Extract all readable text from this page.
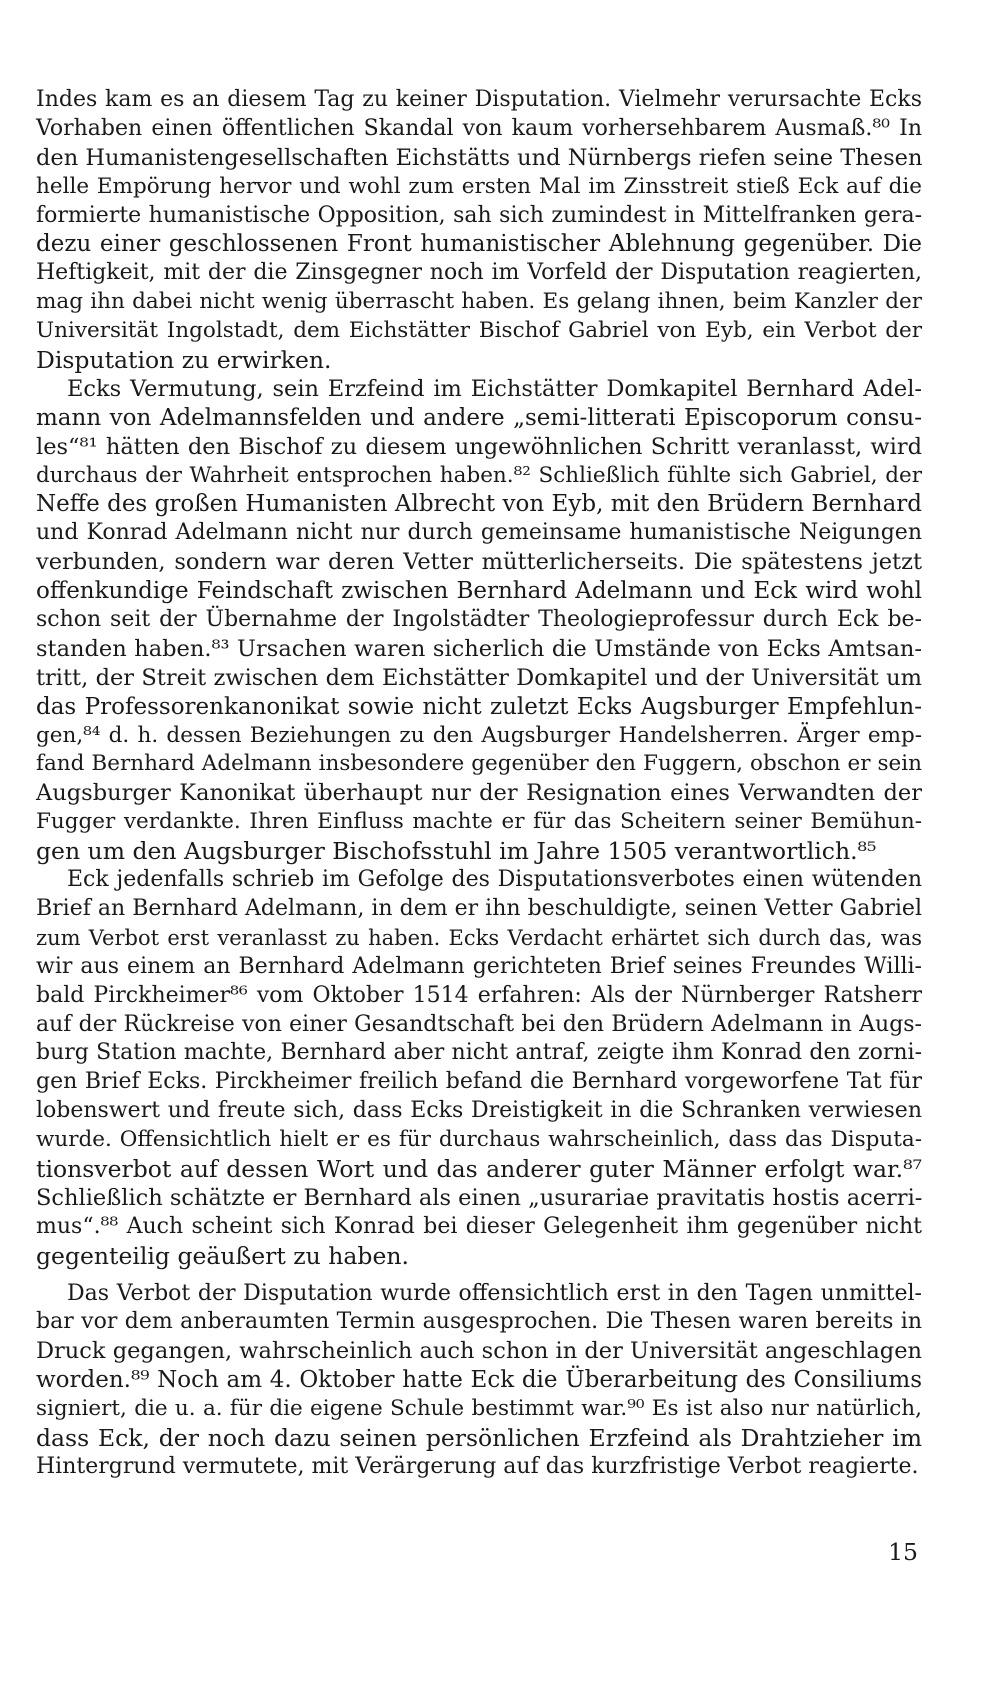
Indes kam es an diesem Tag zu keiner Disputation. Vielmehr verursachte Ecks
Vorhaben einen öffentlichen Skandal von kaum vorhersehbarem Ausmaß.⁸⁰ In
den Humanistengesellschaften Eichstätts und Nürnbergs riefen seine Thesen
helle Empörung hervor und wohl zum ersten Mal im Zinsstreit stieß Eck auf die
formierte humanistische Opposition, sah sich zumindest in Mittelfranken gera-
dezu einer geschlossenen Front humanistischer Ablehnung gegenüber. Die
Heftigkeit, mit der die Zinsgegner noch im Vorfeld der Disputation reagierten,
mag ihn dabei nicht wenig überrascht haben. Es gelang ihnen, beim Kanzler der
Universität Ingolstadt, dem Eichstätter Bischof Gabriel von Eyb, ein Verbot der
Disputation zu erwirken.
Ecks Vermutung, sein Erzfeind im Eichstätter Domkapitel Bernhard Adel-
mann von Adelmannsfelden und andere „semi-litterati Episcoporum consu-
les“⁸¹ hätten den Bischof zu diesem ungewöhnlichen Schritt veranlasst, wird
durchaus der Wahrheit entsprochen haben.⁸² Schließlich fühlte sich Gabriel, der
Neffe des großen Humanisten Albrecht von Eyb, mit den Brüdern Bernhard
und Konrad Adelmann nicht nur durch gemeinsame humanistische Neigungen
verbunden, sondern war deren Vetter mütterlicherseits. Die spätestens jetzt
offenkundige Feindschaft zwischen Bernhard Adelmann und Eck wird wohl
schon seit der Übernahme der Ingolstädter Theologieprofessur durch Eck be-
standen haben.⁸³ Ursachen waren sicherlich die Umstände von Ecks Amtsan-
tritt, der Streit zwischen dem Eichstätter Domkapitel und der Universität um
das Professorenkanonikat sowie nicht zuletzt Ecks Augsburger Empfehlun-
gen,⁸⁴ d. h. dessen Beziehungen zu den Augsburger Handelsherren. Ärger emp-
fand Bernhard Adelmann insbesondere gegenüber den Fuggern, obschon er sein
Augsburger Kanonikat überhaupt nur der Resignation eines Verwandten der
Fugger verdankte. Ihren Einfluss machte er für das Scheitern seiner Bemühun-
gen um den Augsburger Bischofsstuhl im Jahre 1505 verantwortlich.⁸⁵
Eck jedenfalls schrieb im Gefolge des Disputationsverbotes einen wütenden
Brief an Bernhard Adelmann, in dem er ihn beschuldigte, seinen Vetter Gabriel
zum Verbot erst veranlasst zu haben. Ecks Verdacht erhärtet sich durch das, was
wir aus einem an Bernhard Adelmann gerichteten Brief seines Freundes Willi-
bald Pirckheimer⁸⁶ vom Oktober 1514 erfahren: Als der Nürnberger Ratsherr
auf der Rückreise von einer Gesandtschaft bei den Brüdern Adelmann in Augs-
burg Station machte, Bernhard aber nicht antraf, zeigte ihm Konrad den zorni-
gen Brief Ecks. Pirckheimer freilich befand die Bernhard vorgeworfene Tat für
lobenswert und freute sich, dass Ecks Dreistigkeit in die Schranken verwiesen
wurde. Offensichtlich hielt er es für durchaus wahrscheinlich, dass das Disputa-
tionsverbot auf dessen Wort und das anderer guter Männer erfolgt war.⁸⁷
Schließlich schätzte er Bernhard als einen „usurariae pravitatis hostis acerri-
mus“.⁸⁸ Auch scheint sich Konrad bei dieser Gelegenheit ihm gegenüber nicht
gegenteilig geäußert zu haben.
Das Verbot der Disputation wurde offensichtlich erst in den Tagen unmittel-
bar vor dem anberaumten Termin ausgesprochen. Die Thesen waren bereits in
Druck gegangen, wahrscheinlich auch schon in der Universität angeschlagen
worden.⁸⁹ Noch am 4. Oktober hatte Eck die Überarbeitung des Consiliums
signiert, die u. a. für die eigene Schule bestimmt war.⁹⁰ Es ist also nur natürlich,
dass Eck, der noch dazu seinen persönlichen Erzfeind als Drahtzieher im
Hintergrund vermutete, mit Verärgerung auf das kurzfristige Verbot reagierte.
15
